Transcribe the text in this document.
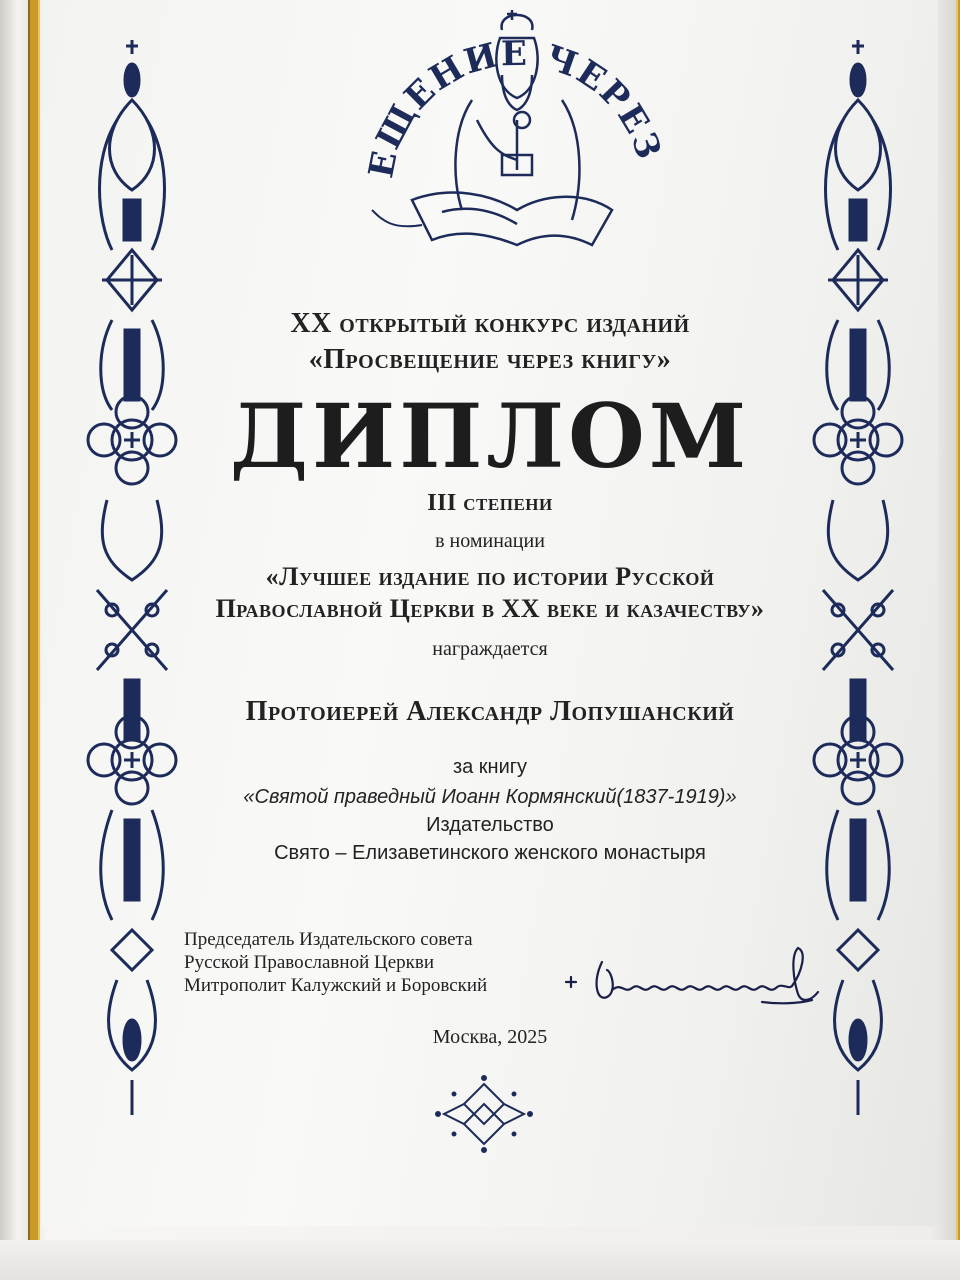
ЕЩЕНИЕ ЧЕРЕЗ
XX открытый конкурс изданий
«Просвещение через книгу»
ДИПЛОМ
III степени
в номинации
«Лучшее издание по истории Русской
Православной Церкви в XX веке и казачеству»
награждается
Протоиерей Александр Лопушанский
за книгу
«Святой праведный Иоанн Кормянский(1837-1919)»
Издательство
Свято – Елизаветинского женского монастыря
Председатель Издательского совета
Русской Православной Церкви
Митрополит Калужский и Боровский
Москва, 2025
